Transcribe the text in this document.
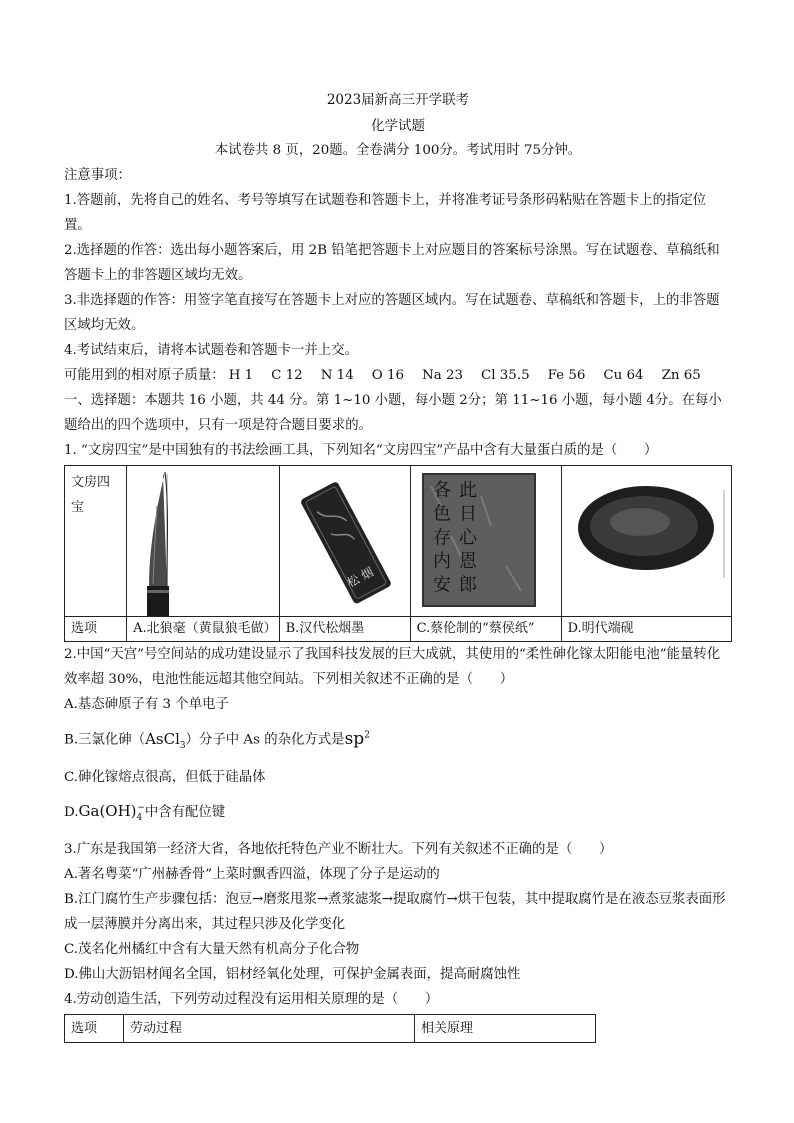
2023届新高三开学联考
化学试题
本试卷共 8 页，20题。全卷满分 100分。考试用时 75分钟。
注意事项：
1.答题前，先将自己的姓名、考号等填写在试题卷和答题卡上，并将准考证号条形码粘贴在答题卡上的指定位置。
2.选择题的作答：选出每小题答案后，用 2B 铅笔把答题卡上对应题目的答案标号涂黑。写在试题卷、草稿纸和答题卡上的非答题区域均无效。
3.非选择题的作答：用签字笔直接写在答题卡上对应的答题区域内。写在试题卷、草稿纸和答题卡，上的非答题区域均无效。
4.考试结束后，请将本试题卷和答题卡一并上交。
可能用到的相对原子质量： H 1 C 12 N 14 O 16 Na 23 Cl 35.5 Fe 56 Cu 64 Zn 65
一、选择题：本题共 16 小题，共 44 分。第 1~10 小题，每小题 2分；第 11~16 小题，每小题 4分。在每小题给出的四个选项中，只有一项是符合题目要求的。
1. “文房四宝”是中国独有的书法绘画工具，下列知名“文房四宝”产品中含有大量蛋白质的是（　　）
文房四宝		松 烟	此 日 心 恩 郎 各 色 存 内 安

选项	A.北狼毫（黄鼠狼毛做）	B.汉代松烟墨	C.蔡伦制的“蔡侯纸”	D.明代端砚
2.中国“天宫”号空间站的成功建设显示了我国科技发展的巨大成就，其使用的“柔性砷化镓太阳能电池”能量转化效率超 30%，电池性能远超其他空间站。下列相关叙述不正确的是（　　）
A.基态砷原子有 3 个单电子
B.三氯化砷（AsCl$_3$）分子中 As 的杂化方式是$sp^2$
C.砷化镓熔点很高，但低于硅晶体
$D.Ga(OH)_4^-$中含有配位键
3.广东是我国第一经济大省，各地依托特色产业不断壮大。下列有关叙述不正确的是（　　）
A.著名粤菜“广州赫香骨”上菜时飘香四溢，体现了分子是运动的
B.江门腐竹生产步骤包括：泡豆→磨浆甩浆→煮浆滤浆→提取腐竹→烘干包装，其中提取腐竹是在液态豆浆表面形成一层薄膜并分离出来，其过程只涉及化学变化
C.茂名化州橘红中含有大量天然有机高分子化合物
D.佛山大沥铝材闻名全国，铝材经氧化处理，可保护金属表面，提高耐腐蚀性
4.劳动创造生活，下列劳动过程没有运用相关原理的是（　　）
选项	劳动过程	相关原理
